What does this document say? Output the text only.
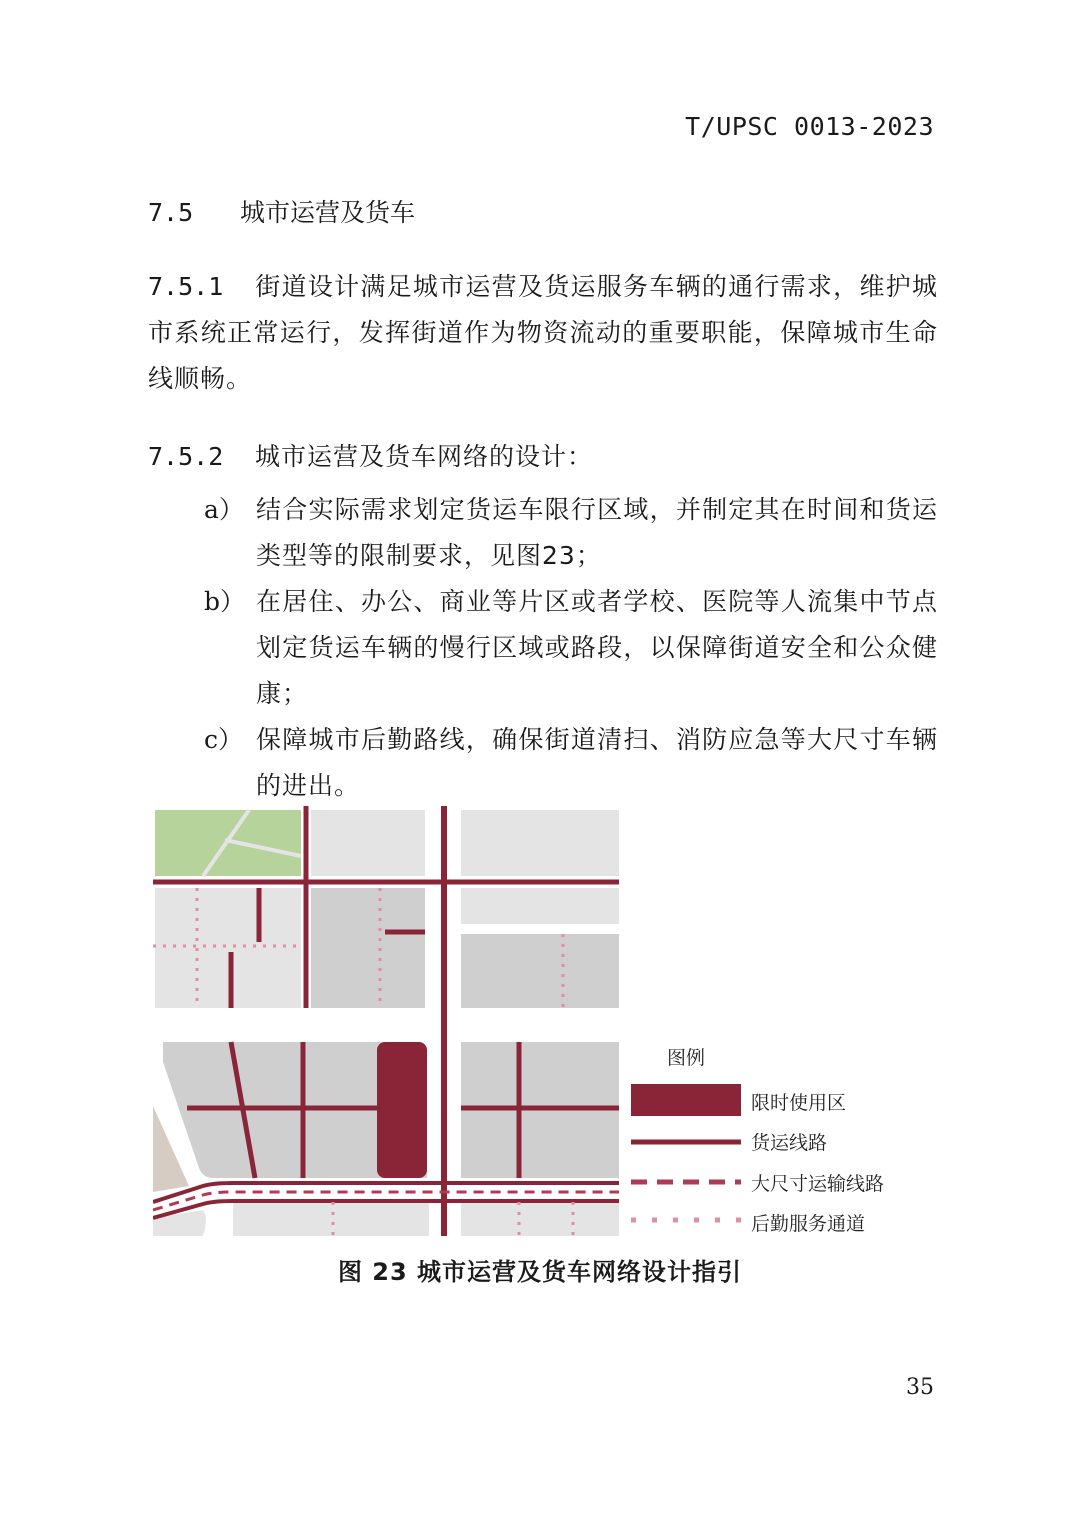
T/UPSC 0013-2023
7.5 城市运营及货车
7.5.1 街道设计满足城市运营及货运服务车辆的通行需求，维护城市系统正常运行，发挥街道作为物资流动的重要职能，保障城市生命线顺畅。
7.5.2 城市运营及货车网络的设计：
a） 结合实际需求划定货运车限行区域，并制定其在时间和货运类型等的限制要求，见图23；
b） 在居住、办公、商业等片区或者学校、医院等人流集中节点划定货运车辆的慢行区域或路段，以保障街道安全和公众健康；
c） 保障城市后勤路线，确保街道清扫、消防应急等大尺寸车辆的进出。
图例
限时使用区
货运线路
大尺寸运输线路
后勤服务通道
图 23 城市运营及货车网络设计指引
35
